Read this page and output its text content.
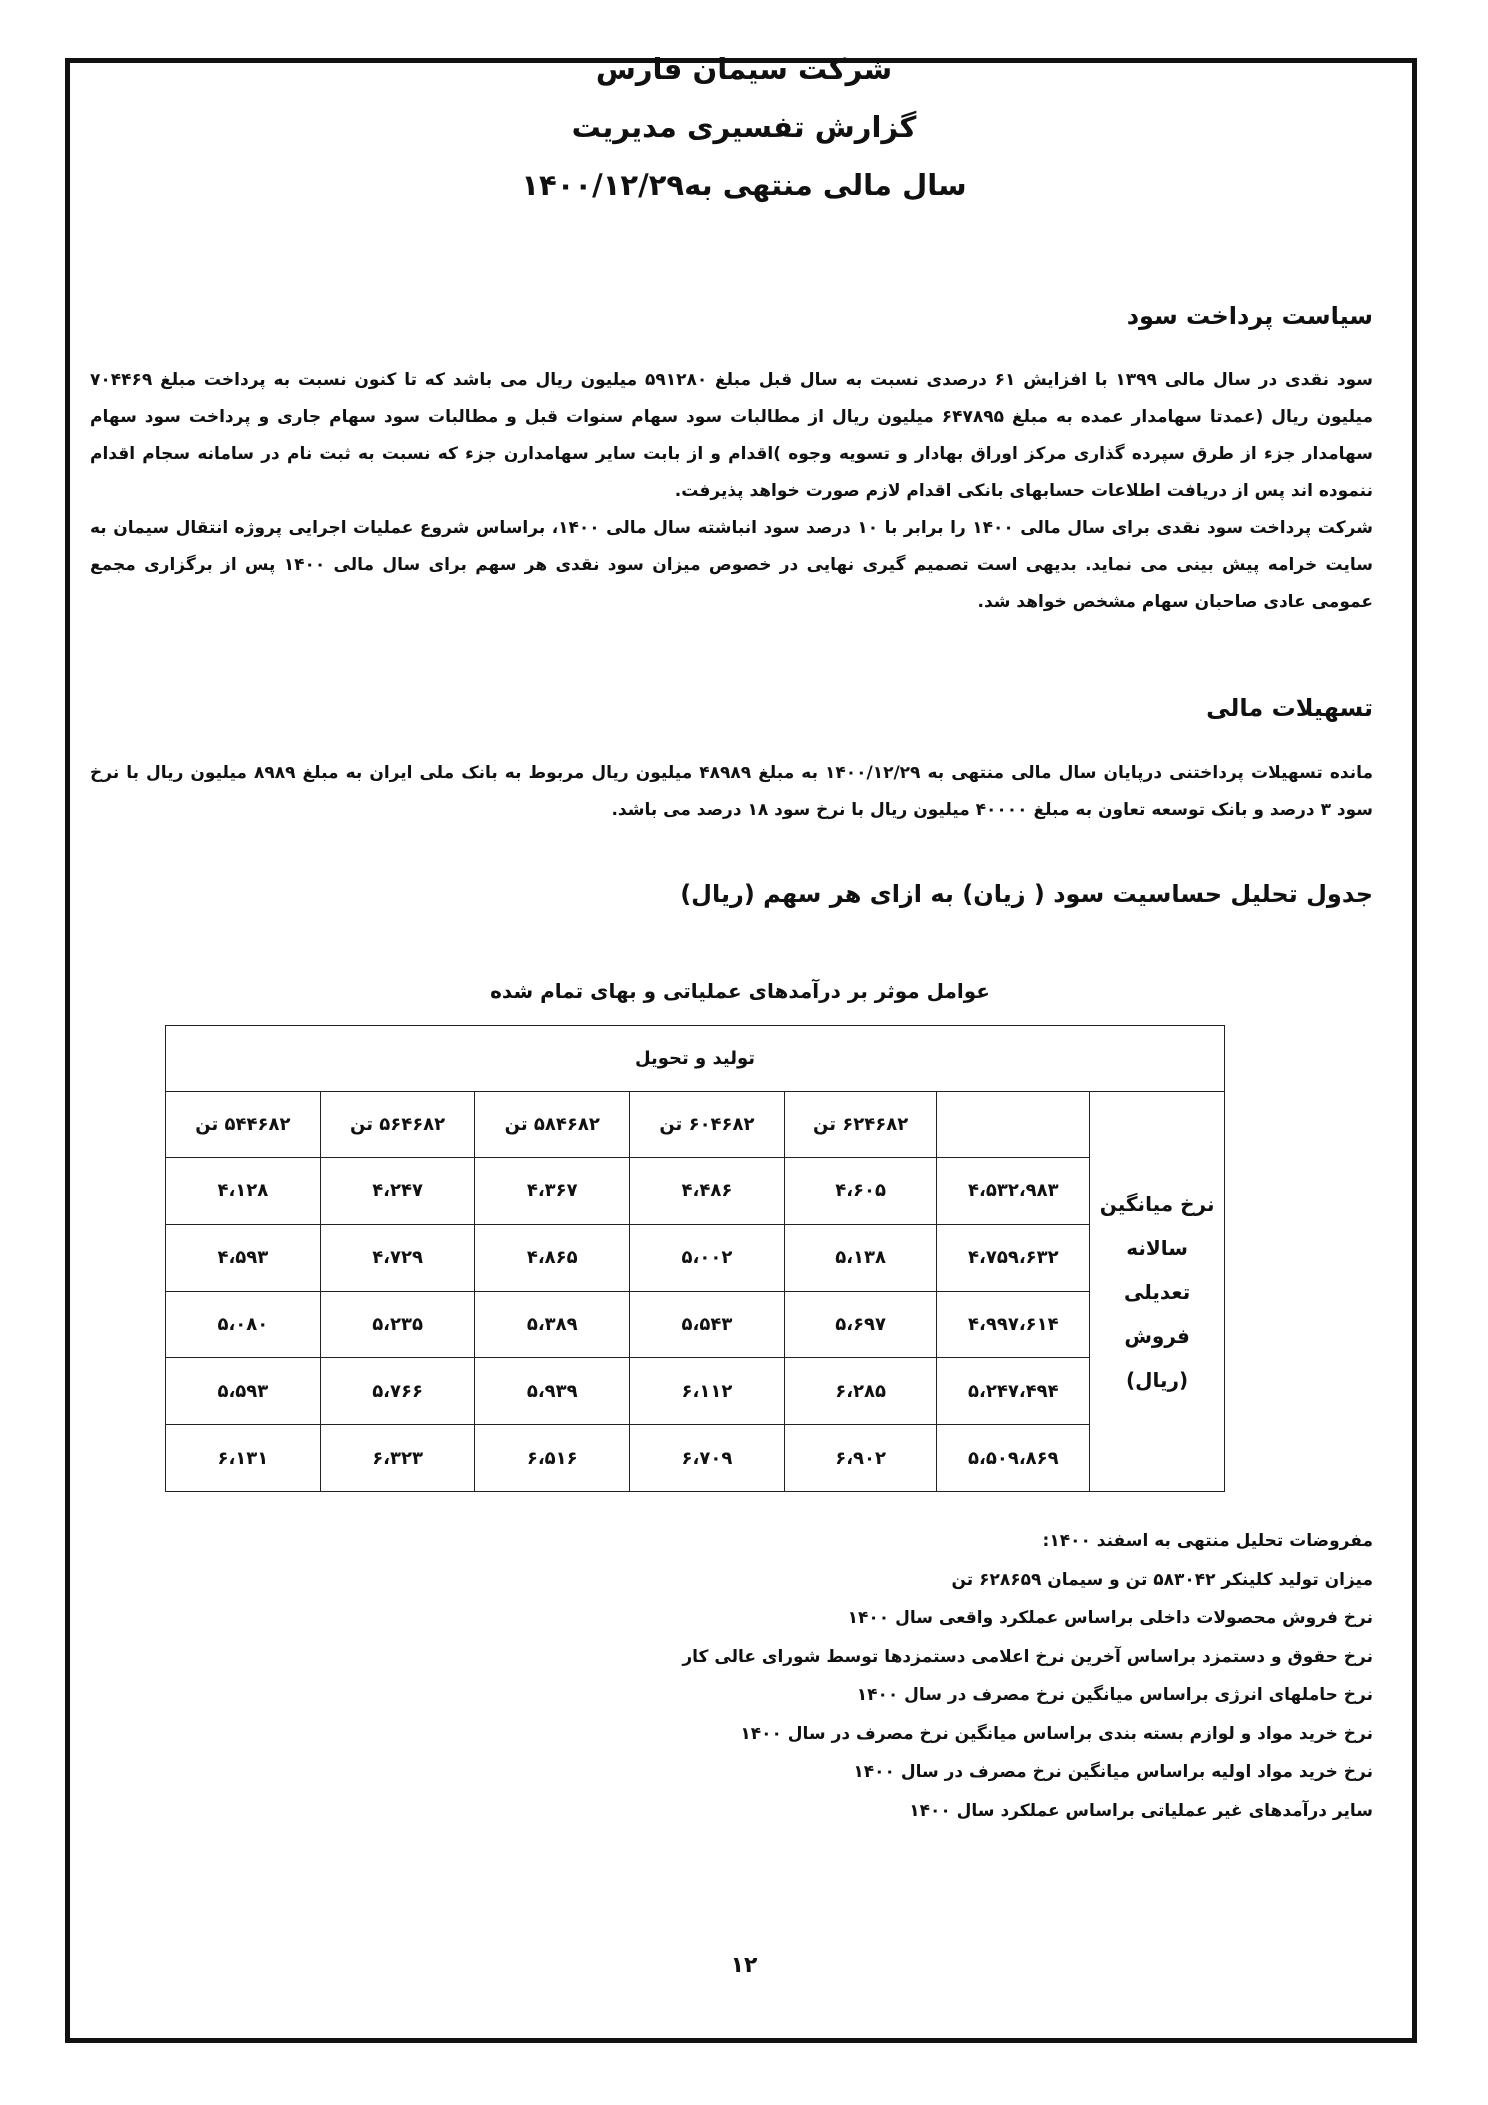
شرکت سیمان فارس
گزارش تفسیری مدیریت
سال مالی منتهی به۱۴۰۰/۱۲/۲۹
سیاست پرداخت سود

سود نقدی در سال مالی ۱۳۹۹ با افزایش ۶۱ درصدی نسبت به سال قبل مبلغ ۵۹۱۲۸۰ میلیون ریال می باشد که تا کنون نسبت به پرداخت مبلغ ۷۰۴۴۶۹ میلیون ریال (عمدتا سهامدار عمده به مبلغ ۶۴۷۸۹۵ میلیون ریال از مطالبات سود سهام سنوات قبل و مطالبات سود سهام جاری و پرداخت سود سهام سهامدار جزء از طرق سپرده گذاری مرکز اوراق بهادار و تسویه وجوه )اقدام و از بابت سایر سهامدارن جزء که نسبت به ثبت نام در سامانه سجام اقدام ننموده اند پس از دریافت اطلاعات حسابهای بانکی اقدام لازم صورت خواهد پذیرفت.

شرکت پرداخت سود نقدی برای سال مالی ۱۴۰۰ را برابر با ۱۰ درصد سود انباشته سال مالی ۱۴۰۰، براساس شروع عملیات اجرایی پروژه انتقال سیمان به سایت خرامه پیش بینی می نماید. بدیهی است تصمیم گیری نهایی در خصوص میزان سود نقدی هر سهم برای سال مالی ۱۴۰۰ پس از برگزاری مجمع عمومی عادی صاحبان سهام مشخص خواهد شد.

تسهیلات مالی

مانده تسهیلات پرداختنی درپایان سال مالی منتهی به ۱۴۰۰/۱۲/۲۹ به مبلغ ۴۸۹۸۹ میلیون ریال مربوط به بانک ملی ایران به مبلغ ۸۹۸۹ میلیون ریال با نرخ سود ۳ درصد و بانک توسعه تعاون به مبلغ ۴۰۰۰۰ میلیون ریال با نرخ سود ۱۸ درصد می باشد.

جدول تحلیل حساسیت سود ( زیان) به ازای هر سهم (ریال)
عوامل موثر بر درآمدهای عملیاتی و بهای تمام شده
تولید و تحویل						
نرخ میانگین سالانه تعدیلی فروش (ریال)		۶۲۴۶۸۲ تن	۶۰۴۶۸۲ تن	۵۸۴۶۸۲ تن	۵۶۴۶۸۲ تن	۵۴۴۶۸۲ تن
	۴،۵۳۲،۹۸۳	۴،۶۰۵	۴،۴۸۶	۴،۳۶۷	۴،۲۴۷	۴،۱۲۸
	۴،۷۵۹،۶۳۲	۵،۱۳۸	۵،۰۰۲	۴،۸۶۵	۴،۷۲۹	۴،۵۹۳
	۴،۹۹۷،۶۱۴	۵،۶۹۷	۵،۵۴۳	۵،۳۸۹	۵،۲۳۵	۵،۰۸۰
	۵،۲۴۷،۴۹۴	۶،۲۸۵	۶،۱۱۲	۵،۹۳۹	۵،۷۶۶	۵،۵۹۳
	۵،۵۰۹،۸۶۹	۶،۹۰۲	۶،۷۰۹	۶،۵۱۶	۶،۳۲۳	۶،۱۳۱
مفروضات تحلیل منتهی به اسفند ۱۴۰۰:
میزان تولید کلینکر ۵۸۳۰۴۲ تن و سیمان ۶۲۸۶۵۹ تن
نرخ فروش محصولات داخلی براساس عملکرد واقعی سال ۱۴۰۰
نرخ حقوق و دستمزد براساس آخرین نرخ اعلامی دستمزدها توسط شورای عالی کار
نرخ حاملهای انرژی براساس میانگین نرخ مصرف در سال ۱۴۰۰
نرخ خرید مواد و لوازم بسته بندی براساس میانگین نرخ مصرف در سال ۱۴۰۰
نرخ خرید مواد اولیه براساس میانگین نرخ مصرف در سال ۱۴۰۰
سایر درآمدهای غیر عملیاتی براساس عملکرد سال ۱۴۰۰
۱۲
